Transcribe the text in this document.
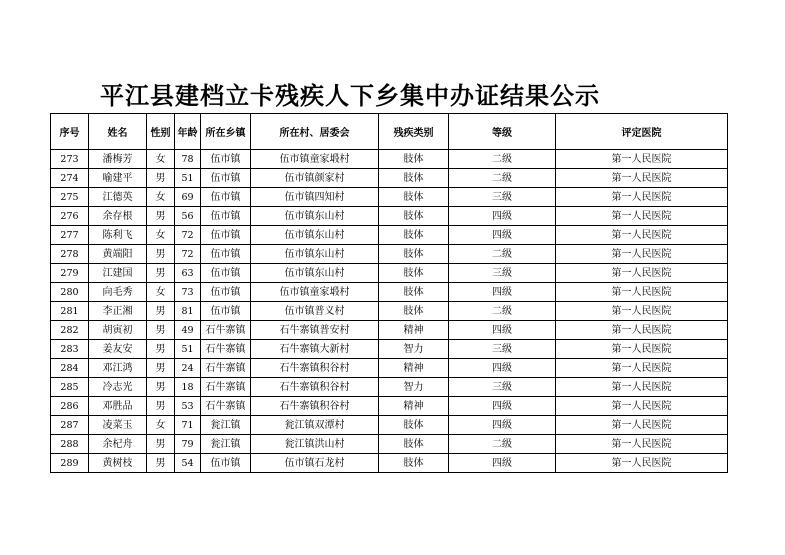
平江县建档立卡残疾人下乡集中办证结果公示
序号	姓名	性别	年龄	所在乡镇	所在村、居委会	残疾类别	等级	评定医院
273	潘梅芳	女	78	伍市镇	伍市镇童家塅村	肢体	二级	第一人民医院
274	喻建平	男	51	伍市镇	伍市镇颜家村	肢体	二级	第一人民医院
275	江德英	女	69	伍市镇	伍市镇四知村	肢体	三级	第一人民医院
276	余存根	男	56	伍市镇	伍市镇东山村	肢体	四级	第一人民医院
277	陈利飞	女	72	伍市镇	伍市镇东山村	肢体	四级	第一人民医院
278	黄端阳	男	72	伍市镇	伍市镇东山村	肢体	二级	第一人民医院
279	江建国	男	63	伍市镇	伍市镇东山村	肢体	三级	第一人民医院
280	向毛秀	女	73	伍市镇	伍市镇童家塅村	肢体	四级	第一人民医院
281	李正湘	男	81	伍市镇	伍市镇普义村	肢体	二级	第一人民医院
282	胡寅初	男	49	石牛寨镇	石牛寨镇普安村	精神	四级	第一人民医院
283	姜友安	男	51	石牛寨镇	石牛寨镇大新村	智力	三级	第一人民医院
284	邓江鸿	男	24	石牛寨镇	石牛寨镇积谷村	精神	四级	第一人民医院
285	冷志光	男	18	石牛寨镇	石牛寨镇积谷村	智力	三级	第一人民医院
286	邓胜品	男	53	石牛寨镇	石牛寨镇积谷村	精神	四级	第一人民医院
287	凌菜玉	女	71	瓮江镇	瓮江镇双潭村	肢体	四级	第一人民医院
288	余杞舟	男	79	瓮江镇	瓮江镇洪山村	肢体	二级	第一人民医院
289	黄树枝	男	54	伍市镇	伍市镇石龙村	肢体	四级	第一人民医院
